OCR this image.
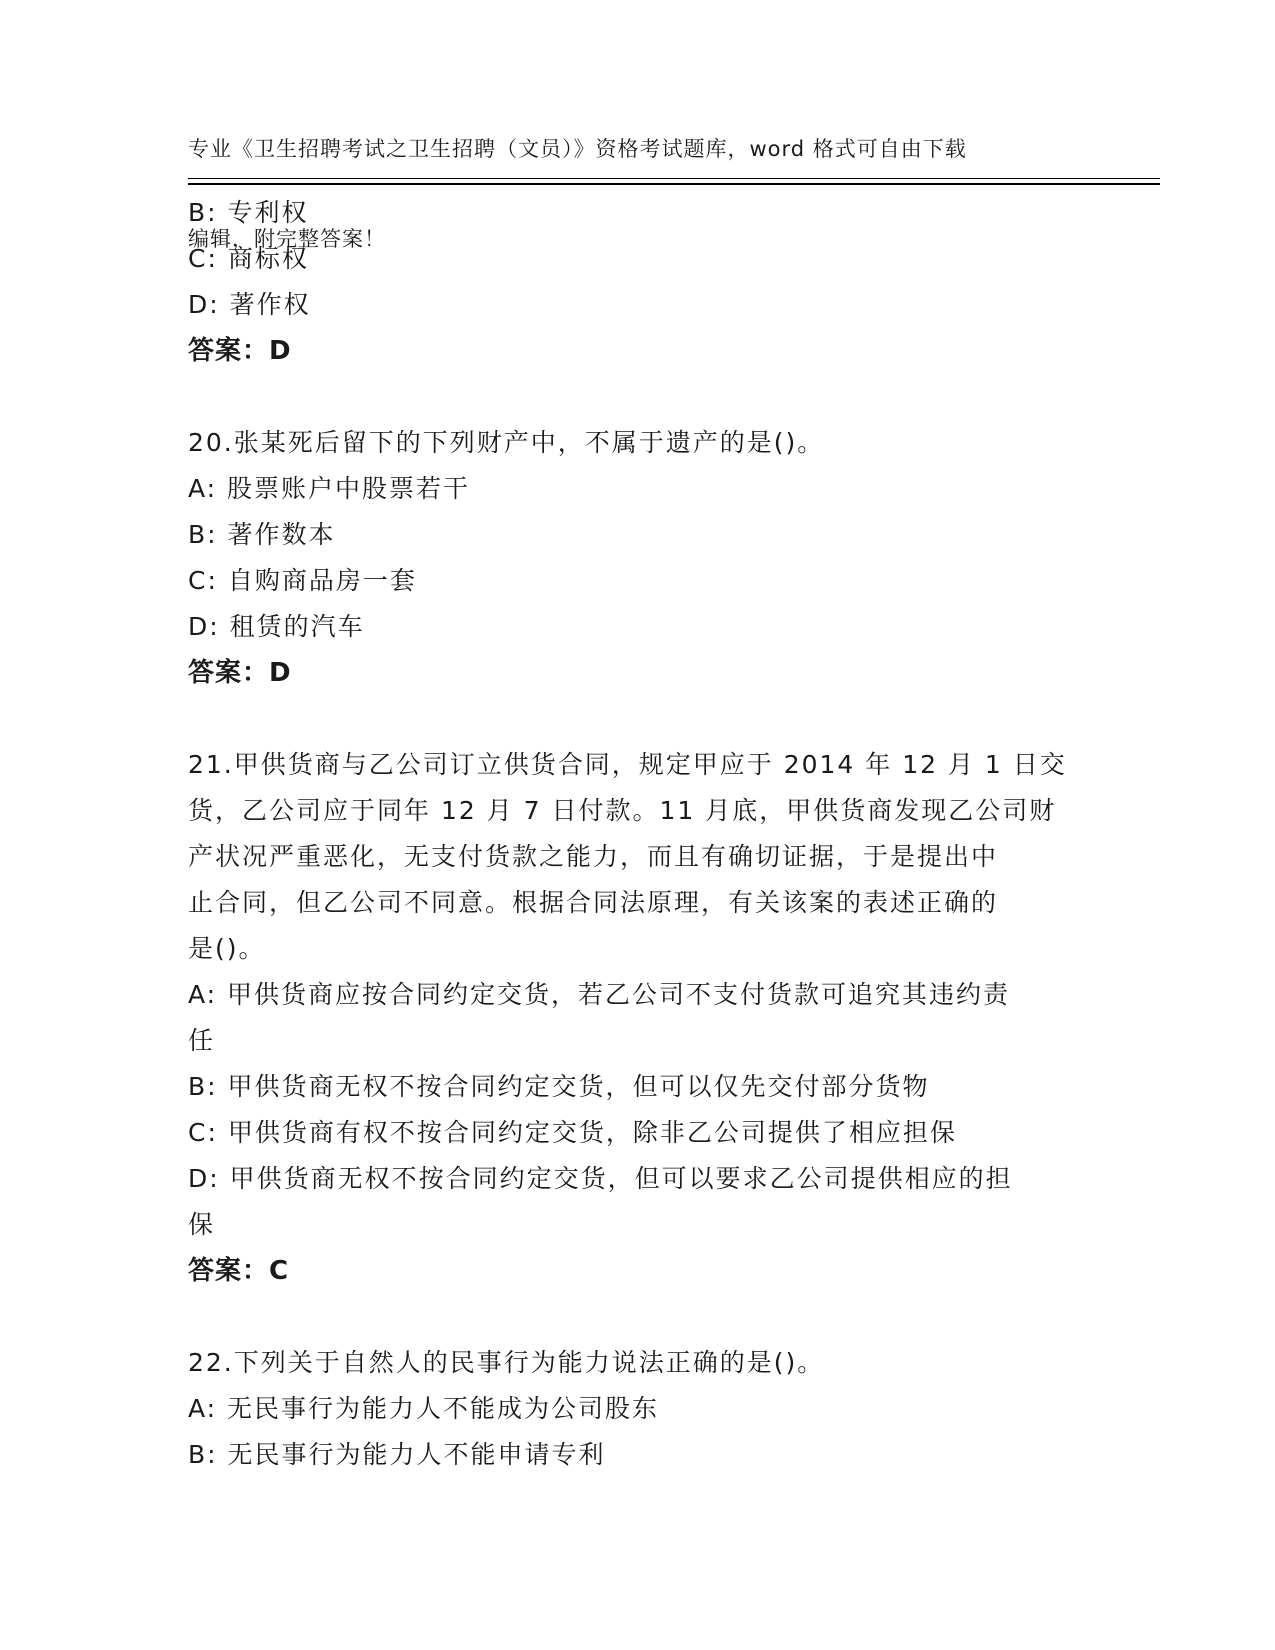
专业《卫生招聘考试之卫生招聘（文员）》资格考试题库，word 格式可自由下载

编辑，附完整答案！

B: 专利权
C: 商标权
D: 著作权
答案：D
20.张某死后留下的下列财产中，不属于遗产的是()。
A: 股票账户中股票若干
B: 著作数本
C: 自购商品房一套
D: 租赁的汽车
答案：D
21.甲供货商与乙公司订立供货合同，规定甲应于 2014 年 12 月 1 日交
货，乙公司应于同年 12 月 7 日付款。11 月底，甲供货商发现乙公司财
产状况严重恶化，无支付货款之能力，而且有确切证据，于是提出中
止合同，但乙公司不同意。根据合同法原理，有关该案的表述正确的
是()。
A: 甲供货商应按合同约定交货，若乙公司不支付货款可追究其违约责
任
B: 甲供货商无权不按合同约定交货，但可以仅先交付部分货物
C: 甲供货商有权不按合同约定交货，除非乙公司提供了相应担保
D: 甲供货商无权不按合同约定交货，但可以要求乙公司提供相应的担
保
答案：C
22.下列关于自然人的民事行为能力说法正确的是()。
A: 无民事行为能力人不能成为公司股东
B: 无民事行为能力人不能申请专利
